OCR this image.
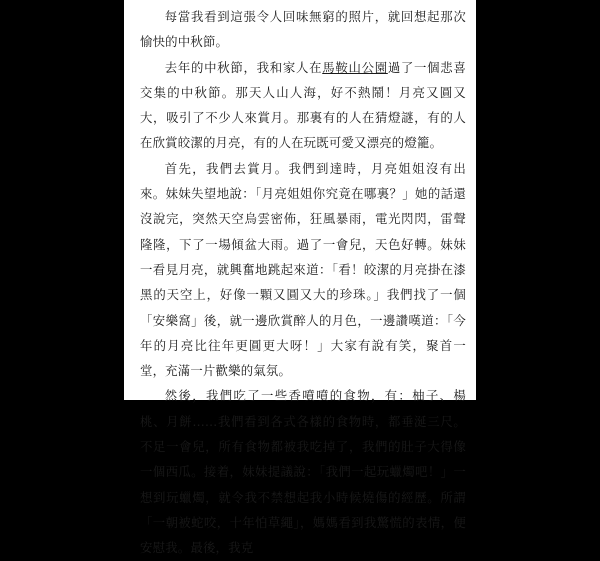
每當我看到這張令人回味無窮的照片，就回想起那次愉快的中秋節。

去年的中秋節，我和家人在馬鞍山公園過了一個悲喜交集的中秋節。那天人山人海，好不熱鬧！月亮又圓又大，吸引了不少人來賞月。那裏有的人在猜燈謎，有的人在欣賞皎潔的月亮，有的人在玩既可愛又漂亮的燈籠。

首先，我們去賞月。我們到達時，月亮姐姐沒有出來。妹妹失望地說：「月亮姐姐你究竟在哪裏？」她的話還沒說完，突然天空烏雲密佈，狂風暴雨，電光閃閃，雷聲隆隆，下了一場傾盆大雨。過了一會兒，天色好轉。妹妹一看見月亮，就興奮地跳起來道：「看！皎潔的月亮掛在漆黑的天空上，好像一顆又圓又大的珍珠。」我們找了一個「安樂窩」後，就一邊欣賞醉人的月色，一邊讚嘆道：「今年的月亮比往年更圓更大呀！」大家有說有笑，聚首一堂，充滿一片歡樂的氣氛。

然後，我們吃了一些香噴噴的食物，有：柚子、楊桃、月餅……我們看到各式各樣的食物時，都垂涎三尺。不足一會兒，所有食物都被我吃掉了，我們的肚子大得像一個西瓜。接着，妹妹提議說：「我們一起玩蠟燭吧！」一想到玩蠟燭，就令我不禁想起我小時候燒傷的經歷。所謂「一朝被蛇咬，十年怕草繩」，媽媽看到我驚慌的表情，便安慰我。最後，我克
